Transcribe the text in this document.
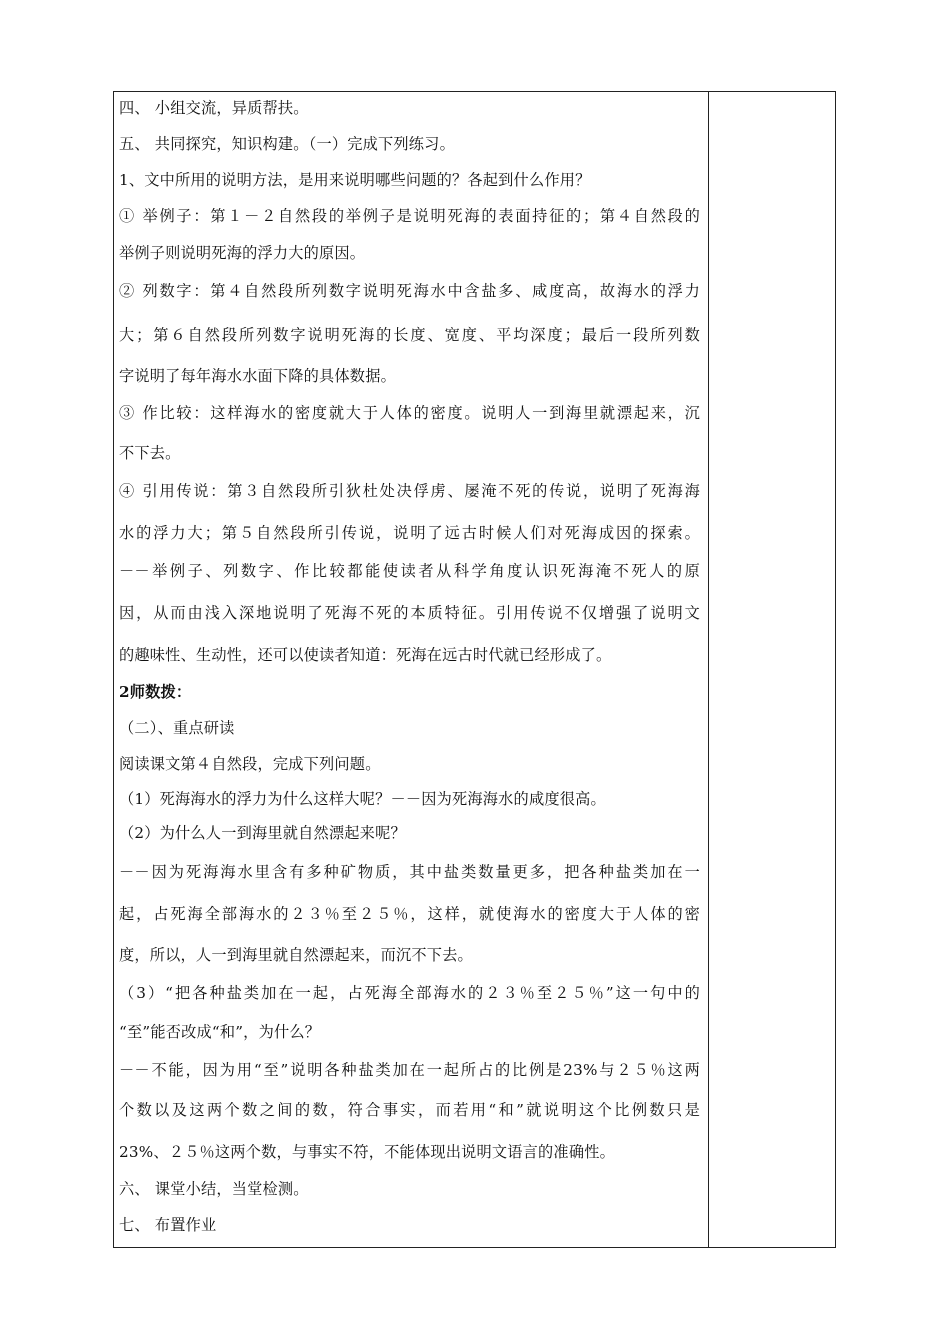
四、 小组交流，异质帮扶。
五、 共同探究，知识构建。（一）完成下列练习。
1、文中所用的说明方法，是用来说明哪些问题的？各起到什么作用？
① 举例子：第１－２自然段的举例子是说明死海的表面持征的；第４自然段的
举例子则说明死海的浮力大的原因。
② 列数字：第４自然段所列数字说明死海水中含盐多、咸度高，故海水的浮力
大；第６自然段所列数字说明死海的长度、宽度、平均深度；最后一段所列数
字说明了每年海水水面下降的具体数据。
③ 作比较：这样海水的密度就大于人体的密度。说明人一到海里就漂起来，沉
不下去。
④ 引用传说：第３自然段所引狄杜处决俘虏、屡淹不死的传说，说明了死海海
水的浮力大；第５自然段所引传说，说明了远古时候人们对死海成因的探索。
－－举例子、列数字、作比较都能使读者从科学角度认识死海淹不死人的原
因，从而由浅入深地说明了死海不死的本质特征。引用传说不仅增强了说明文
的趣味性、生动性，还可以使读者知道：死海在远古时代就已经形成了。
2师数拨：
（二）、重点研读
阅读课文第４自然段，完成下列问题。
（1）死海海水的浮力为什么这样大呢？－－因为死海海水的咸度很高。
（2）为什么人一到海里就自然漂起来呢？
－－因为死海海水里含有多种矿物质，其中盐类数量更多，把各种盐类加在一
起，占死海全部海水的２３％至２５％，这样，就使海水的密度大于人体的密
度，所以，人一到海里就自然漂起来，而沉不下去。
（3）“把各种盐类加在一起，占死海全部海水的２３％至２５％”这一句中的
“至”能否改成“和”，为什么？
－－不能，因为用“至”说明各种盐类加在一起所占的比例是23%与２５％这两
个数以及这两个数之间的数，符合事实，而若用“和”就说明这个比例数只是
23%、２５％这两个数，与事实不符，不能体现出说明文语言的准确性。
六、 课堂小结，当堂检测。
七、 布置作业
